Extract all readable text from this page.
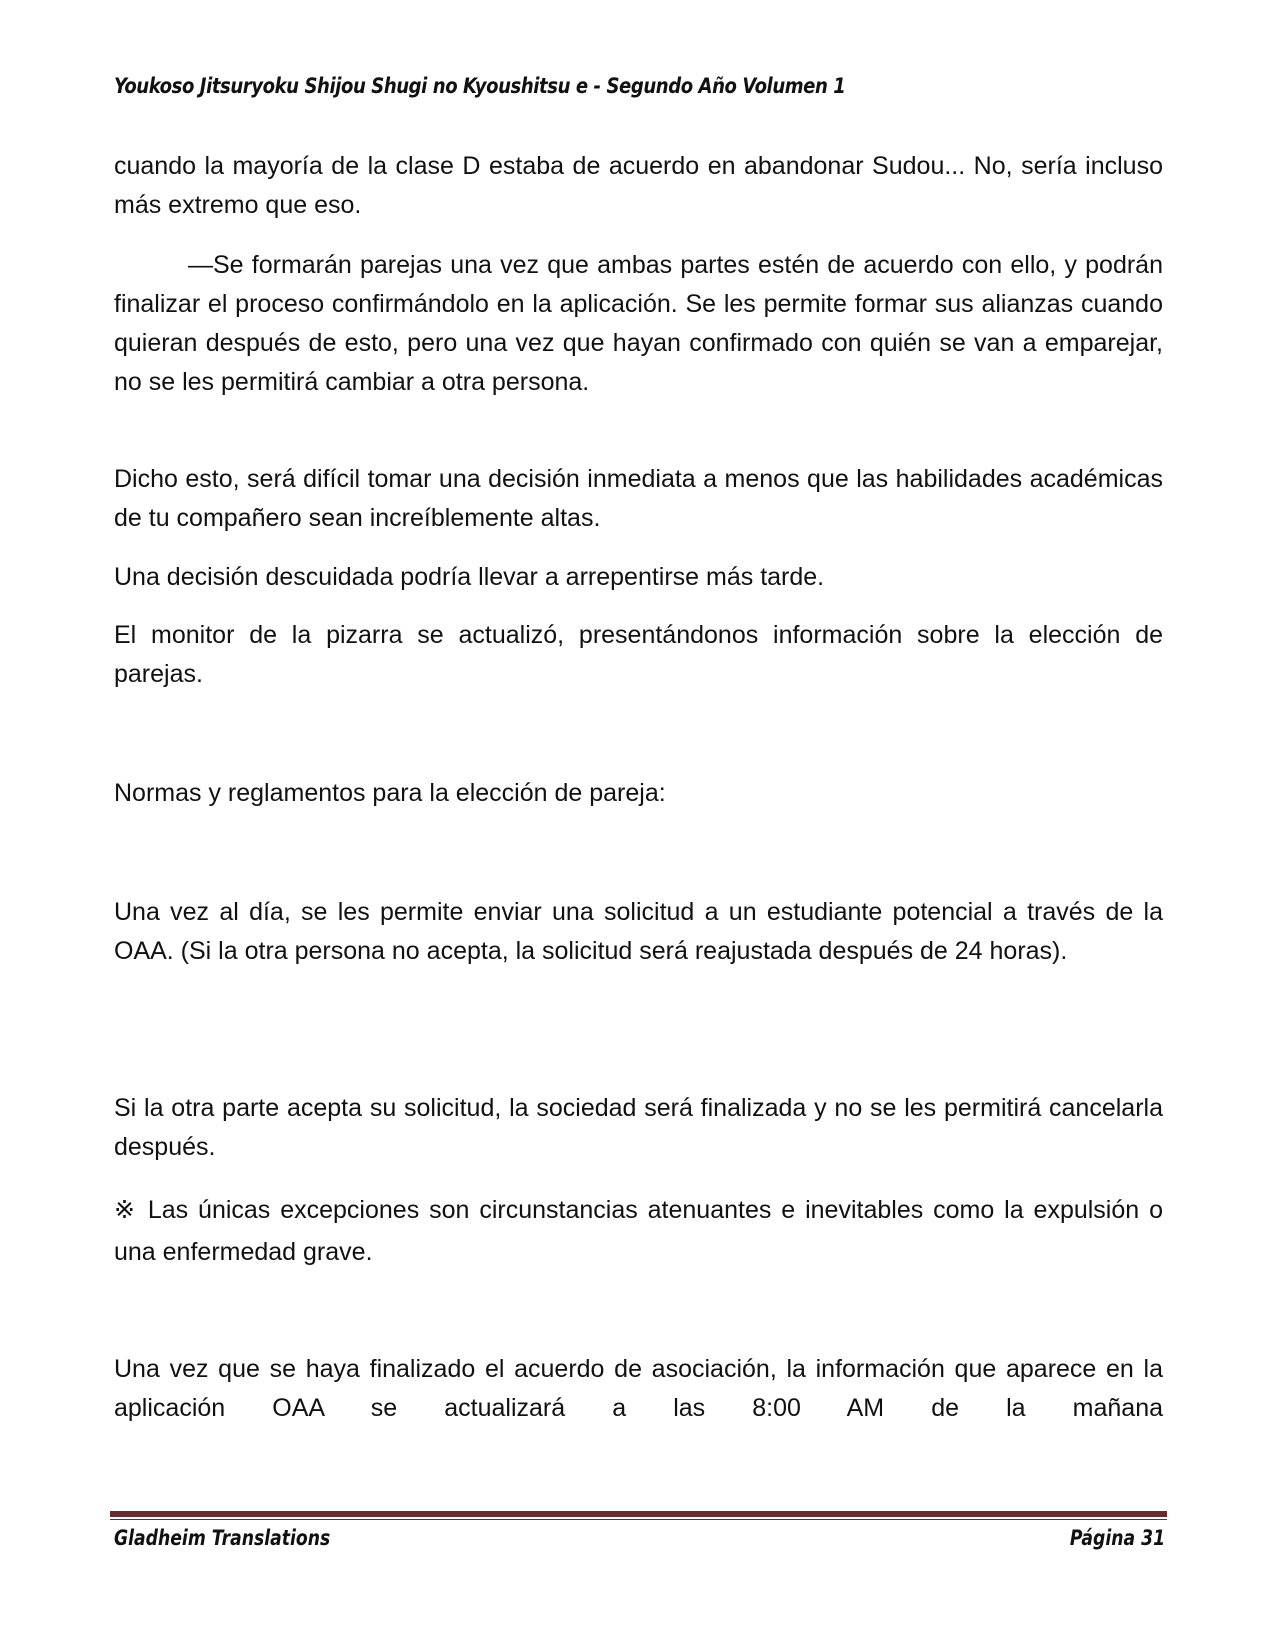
Youkoso Jitsuryoku Shijou Shugi no Kyoushitsu e - Segundo Año Volumen 1

cuando la mayoría de la clase D estaba de acuerdo en abandonar Sudou... No, sería incluso más extremo que eso.

—Se formarán parejas una vez que ambas partes estén de acuerdo con ello, y podrán finalizar el proceso confirmándolo en la aplicación. Se les permite formar sus alianzas cuando quieran después de esto, pero una vez que hayan confirmado con quién se van a emparejar, no se les permitirá cambiar a otra persona.

Dicho esto, será difícil tomar una decisión inmediata a menos que las habilidades académicas de tu compañero sean increíblemente altas.

Una decisión descuidada podría llevar a arrepentirse más tarde.

El monitor de la pizarra se actualizó, presentándonos información sobre la elección de parejas.

Normas y reglamentos para la elección de pareja:

Una vez al día, se les permite enviar una solicitud a un estudiante potencial a través de la OAA. (Si la otra persona no acepta, la solicitud será reajustada después de 24 horas).

Si la otra parte acepta su solicitud, la sociedad será finalizada y no se les permitirá cancelarla después.

※ Las únicas excepciones son circunstancias atenuantes e inevitables como la expulsión o una enfermedad grave.

Una vez que se haya finalizado el acuerdo de asociación, la información que aparece en la aplicación OAA se actualizará a las 8:00 AM de la mañana

Gladheim Translations	Página 31
